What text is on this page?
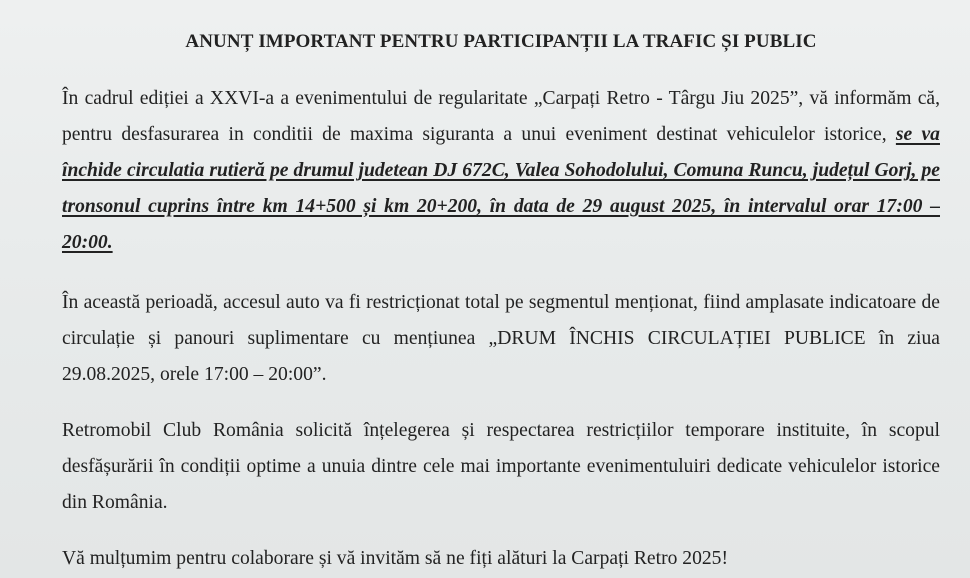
ANUNȚ IMPORTANT PENTRU PARTICIPANȚII LA TRAFIC ȘI PUBLIC

În cadrul ediției a XXVI-a a evenimentului de regularitate „Carpați Retro - Târgu Jiu 2025”, vă informăm că, pentru desfasurarea in conditii de maxima siguranta a unui eveniment destinat vehiculelor istorice, se va închide circulatia rutieră pe drumul judetean DJ 672C, Valea Sohodolului, Comuna Runcu, județul Gorj, pe tronsonul cuprins între km 14+500 și km 20+200, în data de 29 august 2025, în intervalul orar 17:00 – 20:00.

În această perioadă, accesul auto va fi restricționat total pe segmentul menționat, fiind amplasate indicatoare de circulație și panouri suplimentare cu mențiunea „DRUM ÎNCHIS CIRCULAȚIEI PUBLICE în ziua 29.08.2025, orele 17:00 – 20:00”.

Retromobil Club România solicită înțelegerea și respectarea restricțiilor temporare instituite, în scopul desfășurării în condiții optime a unuia dintre cele mai importante evenimentuluiri dedicate vehiculelor istorice din România.

Vă mulțumim pentru colaborare și vă invităm să ne fiți alături la Carpați Retro 2025!
